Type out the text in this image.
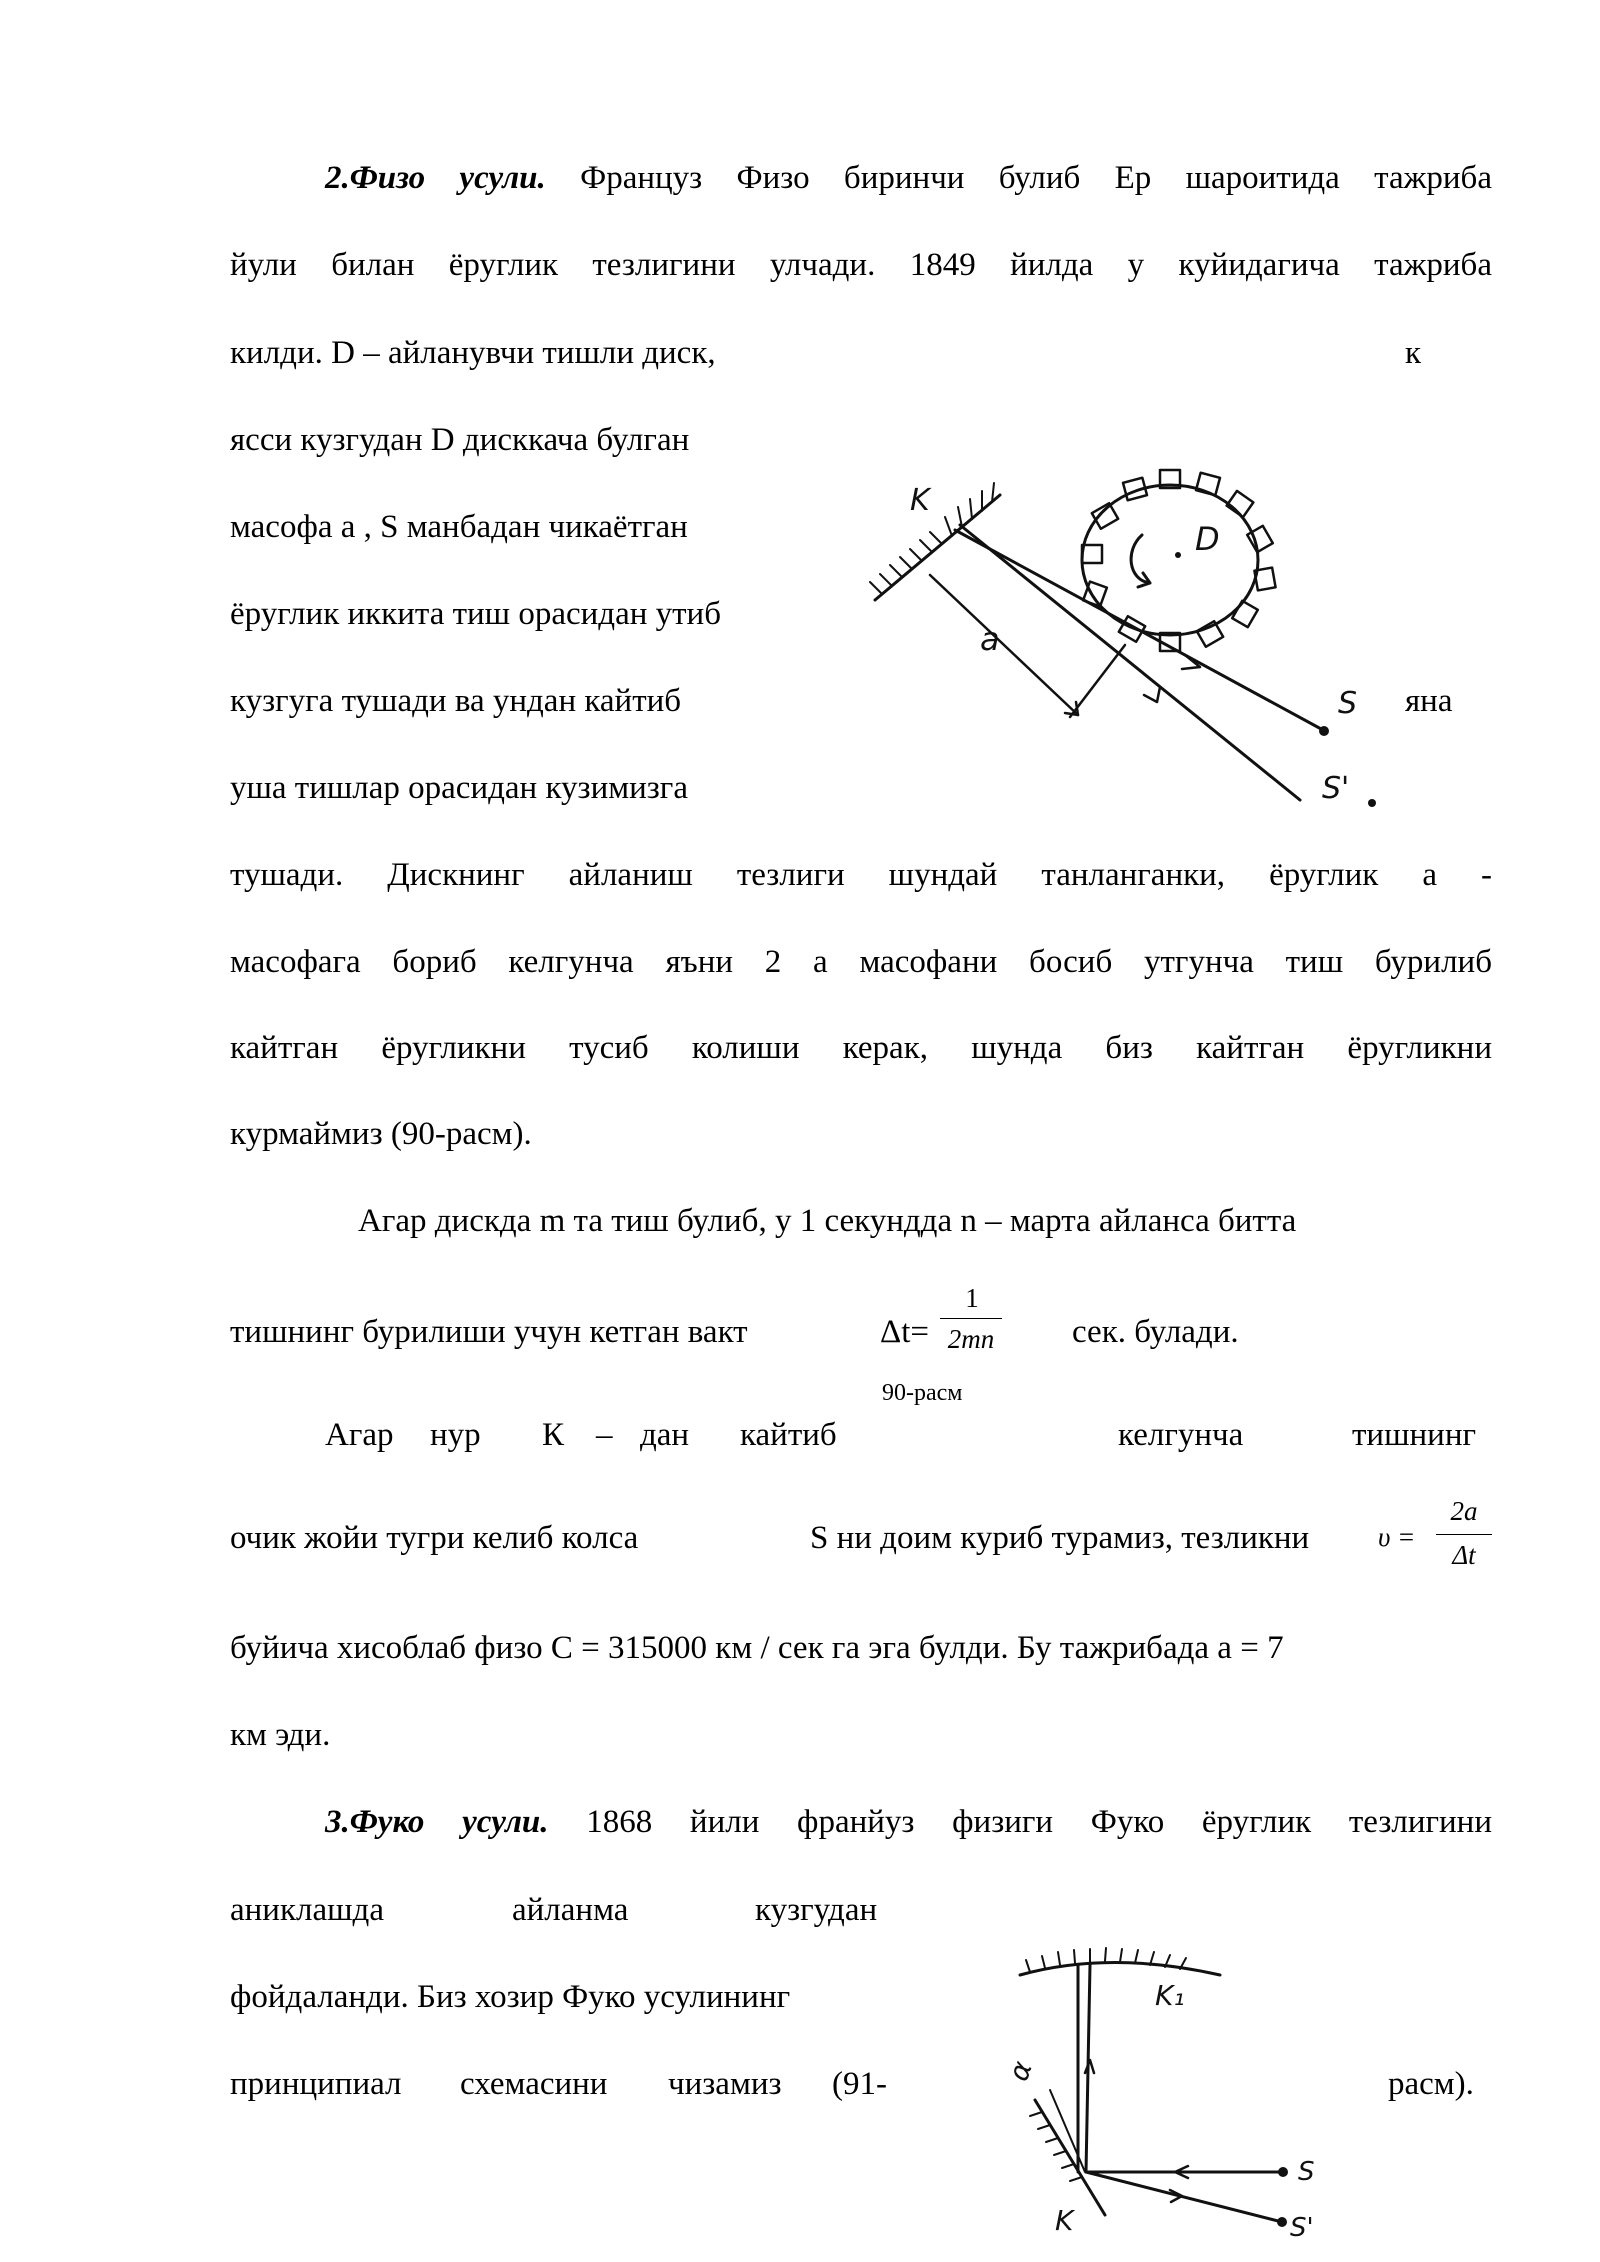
2.Физо усули. Француз Физо биринчи булиб Ер шароитида тажриба
йули билан ёруглик тезлигини улчади. 1849 йилда у куйидагича тажриба
килди. D – айланувчи тишли диск,	к
ясси кузгудан D дисккача булган
масофа а , S манбадан чикаётган
ёруглик иккита тиш орасидан утиб
кузгуга тушади ва ундан кайтиб	яна
уша тишлар орасидан кузимизга
K
D
a
S
S'
тушади. Дискнинг айланиш тезлиги шундай танланганки, ёруглик а -
масофага бориб келгунча яъни 2 а масофани босиб утгунча тиш бурилиб
кайтган ёругликни тусиб колиши керак, шунда биз кайтган ёругликни
курмаймиз (90-расм).
Агар дискда m та тиш булиб, у 1 секундда n – марта айланса битта
тишнинг бурилиши учун кетган вакт	Δt=
1
2mn сек. булади.
90-расм
Агар нур К – дан кайтиб	келгунча	тишнинг
очик жойи тугри келиб колса	S ни доим куриб турамиз, тезликни	υ =
2a
Δt
буйича хисоблаб физо С = 315000 км / сек га эга булди. Бу тажрибада а = 7
км эди.
3.Фуко усули. 1868 йили франйуз физиги Фуко ёруглик тезлигини
аниклашда	айланма	кузгудан
фойдаланди. Биз хозир Фуко усулининг
принципиал схемасини чизамиз (91-	расм).
K₁
α
K
S
S'
